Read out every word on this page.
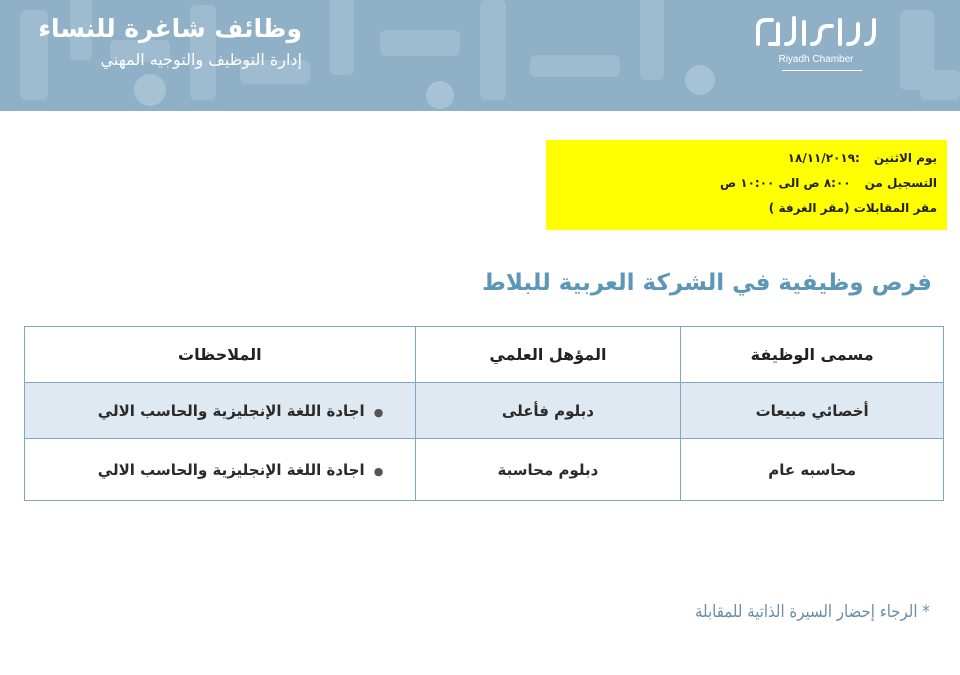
وظائف شاغرة للنساء
إدارة التوظيف والتوجيه المهني	Riyadh Chamber
يوم الاثنين:١٨/١١/٢٠١٩
التسجيل من٨:٠٠ ص الى ١٠:٠٠ ص
مقر المقابلات (مقر الغرفة )
فرص وظيفية في الشركة العربية للبلاط
مسمى الوظيفة	المؤهل العلمي	الملاحظات
أخصائي مبيعات	دبلوم فأعلى	●اجادة اللغة الإنجليزية والحاسب الالي
محاسبه عام	دبلوم محاسبة	●اجادة اللغة الإنجليزية والحاسب الالي
* الرجاء إحضار السيرة الذاتية للمقابلة
